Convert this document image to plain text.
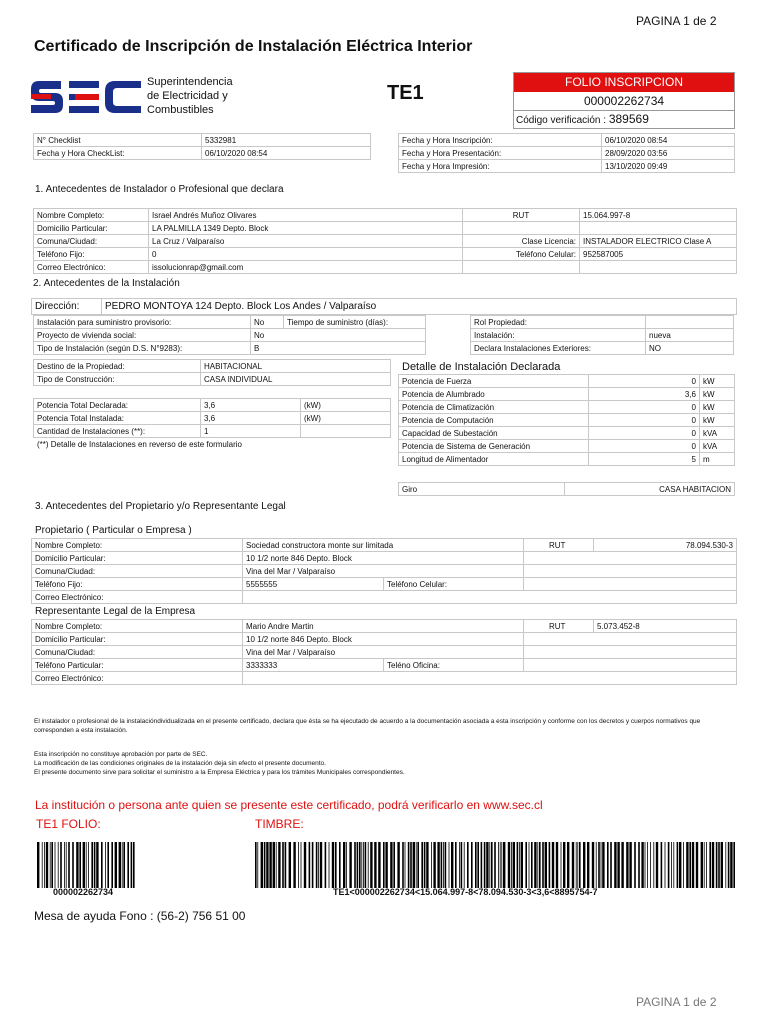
PAGINA 1 de 2
Certificado de Inscripción de Instalación Eléctrica Interior
Superintendencia
de Electricidad y
Combustibles
TE1	FOLIO INSCRIPCION
000002262734
Código verificación : 389569
N° Checklist	5332981
Fecha y Hora CheckList:	06/10/2020 08:54
Fecha y Hora Inscripción:	06/10/2020 08:54
Fecha y Hora Presentación:	28/09/2020 03:56
Fecha y Hora Impresión:	13/10/2020 09:49
1. Antecedentes de Instalador o Profesional que declara
Nombre Completo:	Israel Andrés Muñoz Olivares	RUT	15.064.997-8
Domicilio Particular:	LA PALMILLA 1349 Depto. Block		
Comuna/Ciudad:	La Cruz / Valparaíso	Clase Licencia:	INSTALADOR ELECTRICO Clase A
Teléfono Fijo:	0	Teléfono Celular:	952587005
Correo Electrónico:	issolucionrap@gmail.com		
2. Antecedentes de la Instalación
Dirección:	PEDRO MONTOYA 124 Depto. Block Los Andes / Valparaíso
Instalación para suministro provisorio:	No	Tiempo de suministro (días):
Proyecto de vivienda social:	No	
Tipo de Instalación (según D.S. N°9283):	B	
Rol Propiedad:	
Instalación:	nueva
Declara Instalaciones Exteriores:	NO
Destino de la Propiedad:	HABITACIONAL
Tipo de Construcción:	CASA INDIVIDUAL
Potencia Total Declarada:	3,6	(kW)
Potencia Total Instalada:	3,6	(kW)
Cantidad de Instalaciones (**):	1	
(**) Detalle de Instalaciones en reverso de este formulario
Detalle de Instalación Declarada
Potencia de Fuerza	0	kW
Potencia de Alumbrado	3,6	kW
Potencia de Climatización	0	kW
Potencia de Computación	0	kW
Capacidad de Subestación	0	kVA
Potencia de Sistema de Generación	0	kVA
Longitud de Alimentador	5	m
Giro	CASA HABITACION
3. Antecedentes del Propietario y/o Representante Legal
Propietario ( Particular o Empresa )
Nombre Completo:	Sociedad constructora monte sur limitada		RUT	78.094.530-3
Domicilio Particular:	10 1/2 norte 846 Depto. Block			
Comuna/Ciudad:	Vina del Mar / Valparaíso			
Teléfono Fijo:	5555555	Teléfono Celular:		
Correo Electrónico:				
Representante Legal de la Empresa
Nombre Completo:	Mario Andre Martin		RUT	5.073.452-8
Domicilio Particular:	10 1/2 norte 846 Depto. Block			
Comuna/Ciudad:	Vina del Mar / Valparaíso			
Teléfono Particular:	3333333	Teléno Oficina:		
Correo Electrónico:				
El instalador o profesional de la instalacióndividualizada en el presente certificado, declara que ésta se ha ejecutado de acuerdo a la documentación asociada a esta inscripción y conforme con los decretos y cuerpos normativos que corresponden a esta instalación.
Esta inscripción no constituye aprobación por parte de SEC.
La modificación de las condiciones originales de la instalación deja sin efecto el presente documento.
El presente documento sirve para solicitar el suministro a la Empresa Eléctrica y para los trámites Municipales correspondientes.
La institución o persona ante quien se presente este certificado, podrá verificarlo en www.sec.cl
TE1 FOLIO:	TIMBRE:
000002262734	TE1<000002262734<15.064.997-8<78.094.530-3<3,6<8895754-7
Mesa de ayuda Fono : (56-2) 756 51 00
PAGINA 1 de 2
